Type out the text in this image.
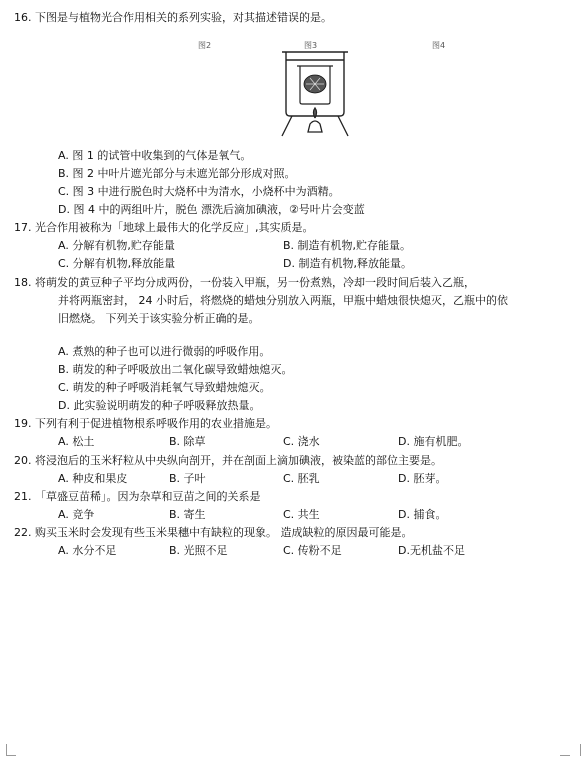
16. 下图是与植物光合作用相关的系列实验，对其描述错误的是。
图2	图3	图4
A. 图 1 的试管中收集到的气体是氧气。
B. 图 2 中叶片遮光部分与未遮光部分形成对照。
C. 图 3 中进行脱色时大烧杯中为清水，小烧杯中为酒精。
D. 图 4 中的两组叶片，脱色 漂洗后滴加碘液，②号叶片会变蓝
17. 光合作用被称为「地球上最伟大的化学反应」,其实质是。
A. 分解有机物,贮存能量	B. 制造有机物,贮存能量。
C. 分解有机物,释放能量	D. 制造有机物,释放能量。
18. 将萌发的黄豆种子平均分成两份，一份装入甲瓶，另一份煮熟，冷却一段时间后装入乙瓶，
并将两瓶密封， 24 小时后，将燃烧的蜡烛分别放入两瓶，甲瓶中蜡烛很快熄灭，乙瓶中的依
旧燃烧。 下列关于该实验分析正确的是。
A. 煮熟的种子也可以进行微弱的呼吸作用。
B. 萌发的种子呼吸放出二氧化碳导致蜡烛熄灭。
C. 萌发的种子呼吸消耗氧气导致蜡烛熄灭。
D. 此实验说明萌发的种子呼吸释放热量。
19. 下列有利于促进植物根系呼吸作用的农业措施是。
A. 松土	B. 除草	C. 浇水	D. 施有机肥。
20. 将浸泡后的玉米籽粒从中央纵向剖开，并在剖面上滴加碘液，被染蓝的部位主要是。
A. 种皮和果皮	B. 子叶	C. 胚乳	D. 胚芽。
21. 「草盛豆苗稀」。因为杂草和豆苗之间的关系是
A. 竞争	B. 寄生	C. 共生	D. 捕食。
22. 购买玉米时会发现有些玉米果穗中有缺粒的现象。 造成缺粒的原因最可能是。
A. 水分不足	B. 光照不足	C. 传粉不足	D.无机盐不足
